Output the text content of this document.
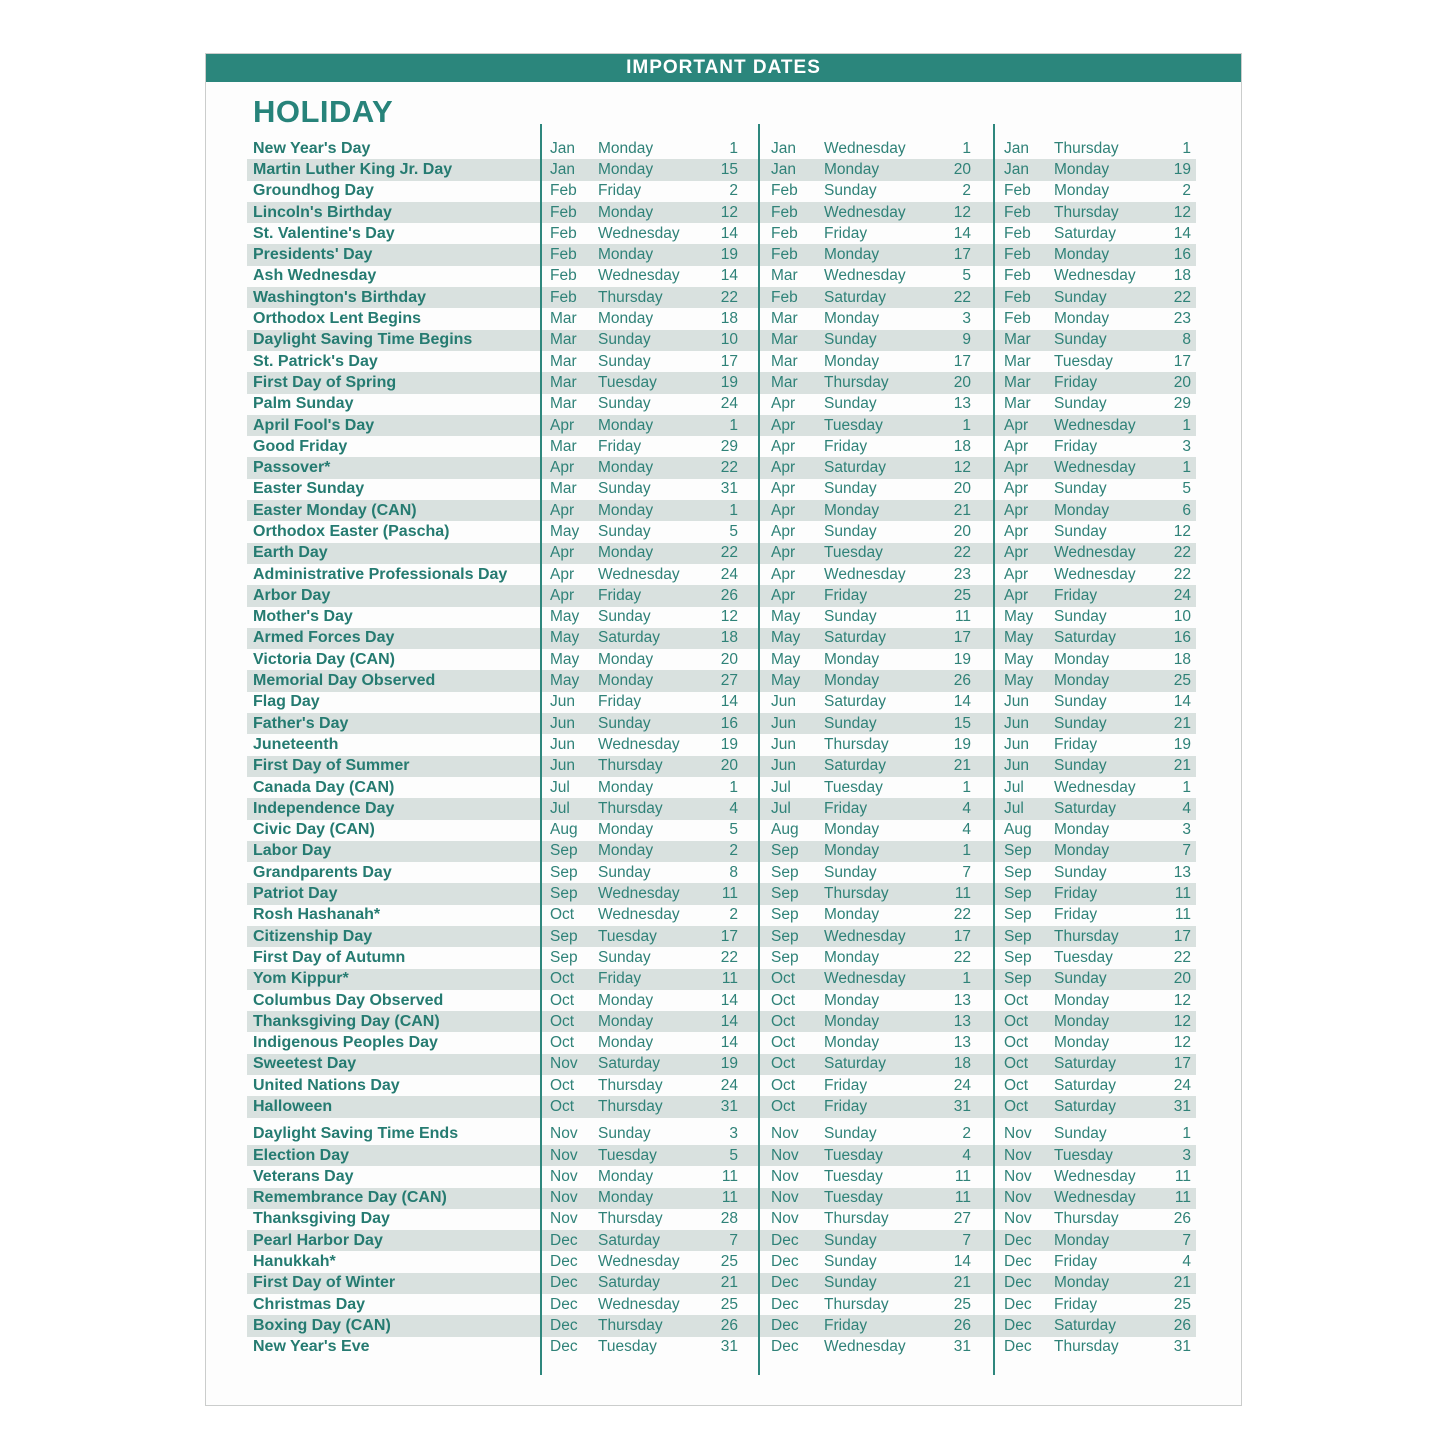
IMPORTANT DATES
HOLIDAY
New Year's Day	Jan	Monday	1 Jan	Wednesday	1 Jan	Thursday	1
Martin Luther King Jr. Day	Jan	Monday	15 Jan	Monday	20 Jan	Monday	19
Groundhog Day	Feb	Friday	2 Feb	Sunday	2 Feb	Monday	2
Lincoln's Birthday	Feb	Monday	12 Feb	Wednesday	12 Feb	Thursday	12
St. Valentine's Day	Feb	Wednesday	14 Feb	Friday	14 Feb	Saturday	14
Presidents' Day	Feb	Monday	19 Feb	Monday	17 Feb	Monday	16
Ash Wednesday	Feb	Wednesday	14 Mar	Wednesday	5 Feb	Wednesday	18
Washington's Birthday	Feb	Thursday	22 Feb	Saturday	22 Feb	Sunday	22
Orthodox Lent Begins	Mar	Monday	18 Mar	Monday	3 Feb	Monday	23
Daylight Saving Time Begins	Mar	Sunday	10 Mar	Sunday	9 Mar	Sunday	8
St. Patrick's Day	Mar	Sunday	17 Mar	Monday	17 Mar	Tuesday	17
First Day of Spring	Mar	Tuesday	19 Mar	Thursday	20 Mar	Friday	20
Palm Sunday	Mar	Sunday	24 Apr	Sunday	13 Mar	Sunday	29
April Fool's Day	Apr	Monday	1 Apr	Tuesday	1 Apr	Wednesday	1
Good Friday	Mar	Friday	29 Apr	Friday	18 Apr	Friday	3
Passover*	Apr	Monday	22 Apr	Saturday	12 Apr	Wednesday	1
Easter Sunday	Mar	Sunday	31 Apr	Sunday	20 Apr	Sunday	5
Easter Monday (CAN)	Apr	Monday	1 Apr	Monday	21 Apr	Monday	6
Orthodox Easter (Pascha)	May	Sunday	5 Apr	Sunday	20 Apr	Sunday	12
Earth Day	Apr	Monday	22 Apr	Tuesday	22 Apr	Wednesday	22
Administrative Professionals Day	Apr	Wednesday	24 Apr	Wednesday	23 Apr	Wednesday	22
Arbor Day	Apr	Friday	26 Apr	Friday	25 Apr	Friday	24
Mother's Day	May	Sunday	12 May	Sunday	11 May	Sunday	10
Armed Forces Day	May	Saturday	18 May	Saturday	17 May	Saturday	16
Victoria Day (CAN)	May	Monday	20 May	Monday	19 May	Monday	18
Memorial Day Observed	May	Monday	27 May	Monday	26 May	Monday	25
Flag Day	Jun	Friday	14 Jun	Saturday	14 Jun	Sunday	14
Father's Day	Jun	Sunday	16 Jun	Sunday	15 Jun	Sunday	21
Juneteenth	Jun	Wednesday	19 Jun	Thursday	19 Jun	Friday	19
First Day of Summer	Jun	Thursday	20 Jun	Saturday	21 Jun	Sunday	21
Canada Day (CAN)	Jul	Monday	1 Jul	Tuesday	1 Jul	Wednesday	1
Independence Day	Jul	Thursday	4 Jul	Friday	4 Jul	Saturday	4
Civic Day (CAN)	Aug	Monday	5 Aug	Monday	4 Aug	Monday	3
Labor Day	Sep	Monday	2 Sep	Monday	1 Sep	Monday	7
Grandparents Day	Sep	Sunday	8 Sep	Sunday	7 Sep	Sunday	13
Patriot Day	Sep	Wednesday	11 Sep	Thursday	11 Sep	Friday	11
Rosh Hashanah*	Oct	Wednesday	2 Sep	Monday	22 Sep	Friday	11
Citizenship Day	Sep	Tuesday	17 Sep	Wednesday	17 Sep	Thursday	17
First Day of Autumn	Sep	Sunday	22 Sep	Monday	22 Sep	Tuesday	22
Yom Kippur*	Oct	Friday	11 Oct	Wednesday	1 Sep	Sunday	20
Columbus Day Observed	Oct	Monday	14 Oct	Monday	13 Oct	Monday	12
Thanksgiving Day (CAN)	Oct	Monday	14 Oct	Monday	13 Oct	Monday	12
Indigenous Peoples Day	Oct	Monday	14 Oct	Monday	13 Oct	Monday	12
Sweetest Day	Nov	Saturday	19 Oct	Saturday	18 Oct	Saturday	17
United Nations Day	Oct	Thursday	24 Oct	Friday	24 Oct	Saturday	24
Halloween	Oct	Thursday	31 Oct	Friday	31 Oct	Saturday	31
Daylight Saving Time Ends	Nov	Sunday	3 Nov	Sunday	2 Nov	Sunday	1
Election Day	Nov	Tuesday	5 Nov	Tuesday	4 Nov	Tuesday	3
Veterans Day	Nov	Monday	11 Nov	Tuesday	11 Nov	Wednesday	11
Remembrance Day (CAN)	Nov	Monday	11 Nov	Tuesday	11 Nov	Wednesday	11
Thanksgiving Day	Nov	Thursday	28 Nov	Thursday	27 Nov	Thursday	26
Pearl Harbor Day	Dec	Saturday	7 Dec	Sunday	7 Dec	Monday	7
Hanukkah*	Dec	Wednesday	25 Dec	Sunday	14 Dec	Friday	4
First Day of Winter	Dec	Saturday	21 Dec	Sunday	21 Dec	Monday	21
Christmas Day	Dec	Wednesday	25 Dec	Thursday	25 Dec	Friday	25
Boxing Day (CAN)	Dec	Thursday	26 Dec	Friday	26 Dec	Saturday	26
New Year's Eve	Dec	Tuesday	31 Dec	Wednesday	31 Dec	Thursday	31
